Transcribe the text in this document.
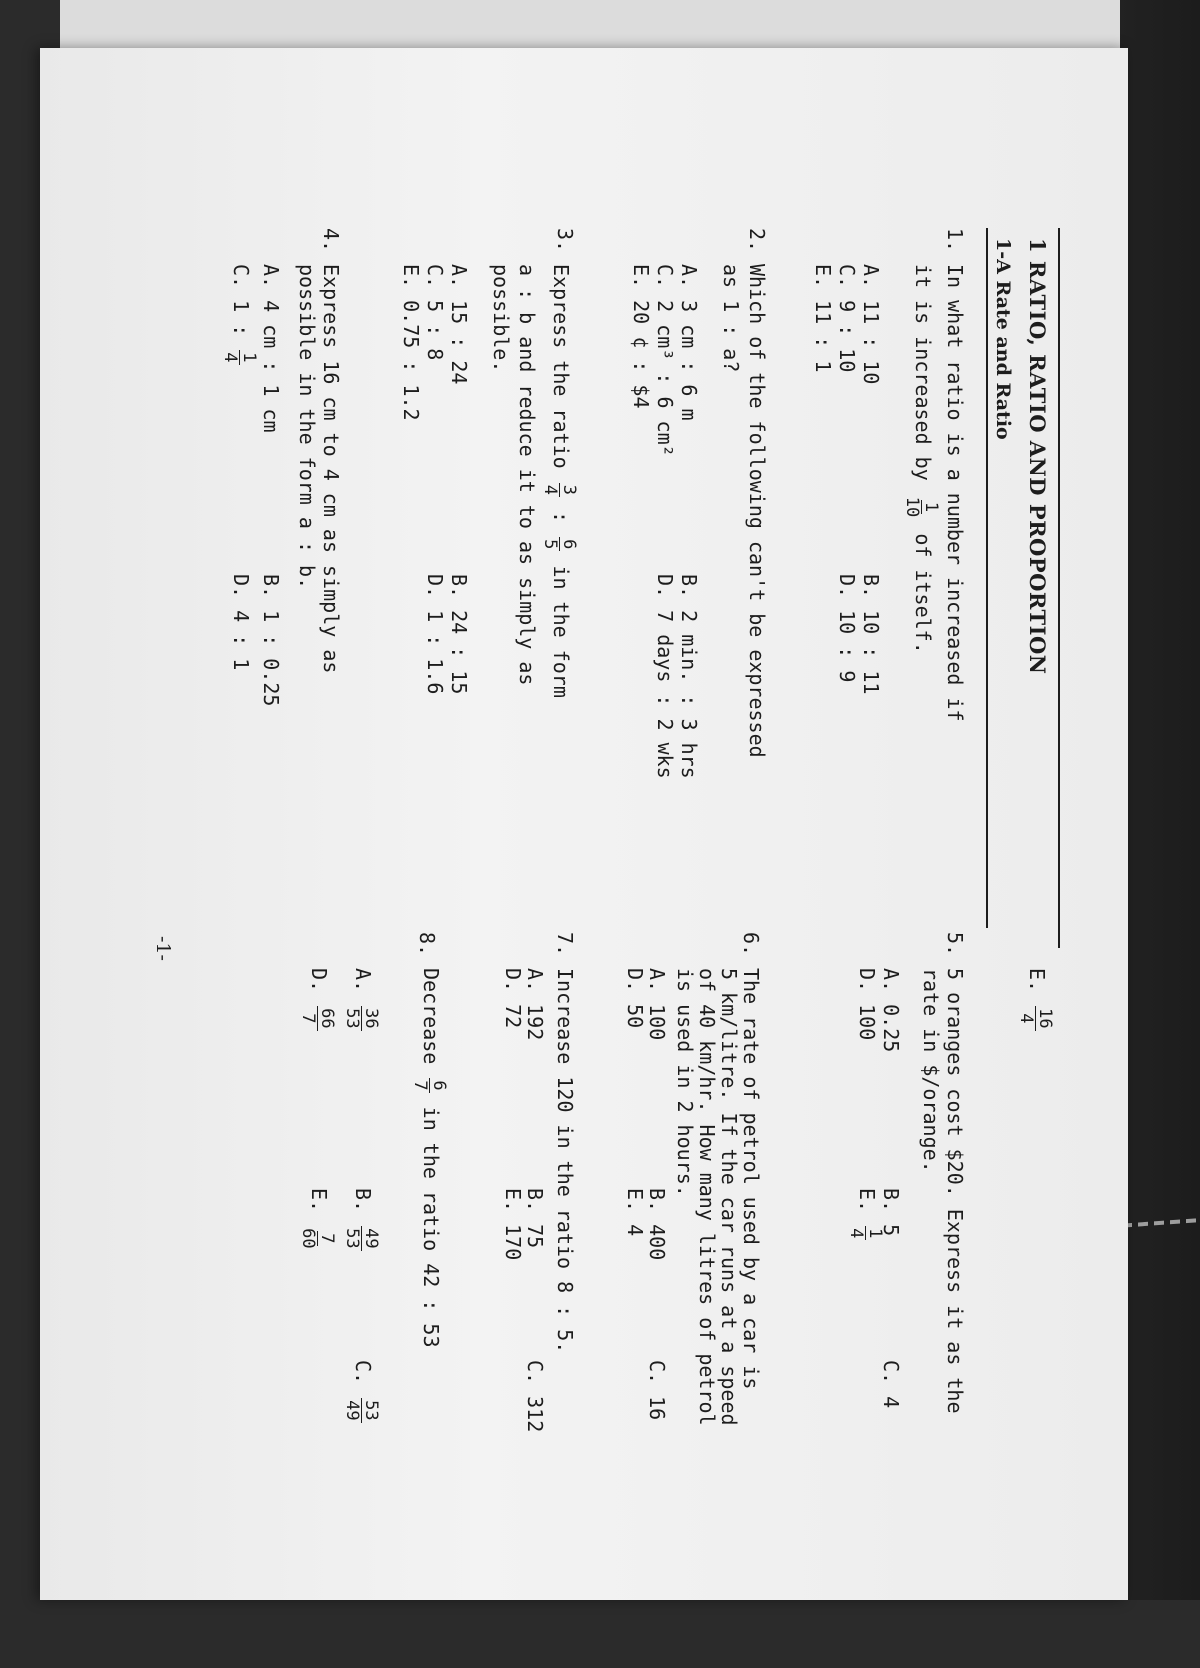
1 RATIO, RATIO AND PROPORTION
1-A Rate and Ratio
1.
In what ratio is a number increased if
it is increased by
1
10
of itself.
A. 11 : 10
B. 10 : 11
C. 9 : 10
D. 10 : 9
E. 11 : 1
2.
Which of the following can't be expressed
as 1 : a?
A. 3 cm : 6 m
B. 2 min. : 3 hrs
C. 2 cm³ : 6 cm²
D. 7 days : 2 wks
E. 20 ¢ : $4
3.
Express the ratio
3
4
:
6
5
in the form
a : b and reduce it to as simply as
possible.
A. 15 : 24
B. 24 : 15
C. 5 : 8
D. 1 : 1.6
E. 0.75 : 1.2
4.
Express 16 cm to 4 cm as simply as
possible in the form a : b.
A. 4 cm : 1 cm
B. 1 : 0.25
C. 1 :
1
4
D. 4 : 1
E.
16
4
5.
5 oranges cost $20. Express it as the
rate in $/orange.
A. 0.25
B. 5
C. 4
D. 100
E.
1
4
6.
The rate of petrol used by a car is
5 km/litre. If the car runs at a speed
of 40 km/hr. How many litres of petrol
is used in 2 hours.
A. 100
B. 400
C. 16
D. 50
E. 4
7.
Increase 120 in the ratio 8 : 5.
A. 192
B. 75
C. 312
D. 72
E. 170
8.
Decrease
6
7
in the ratio 42 : 53
A.
36
53
B.
49
53
C.
53
49
D.
66
7
E.
7
60
-1-
